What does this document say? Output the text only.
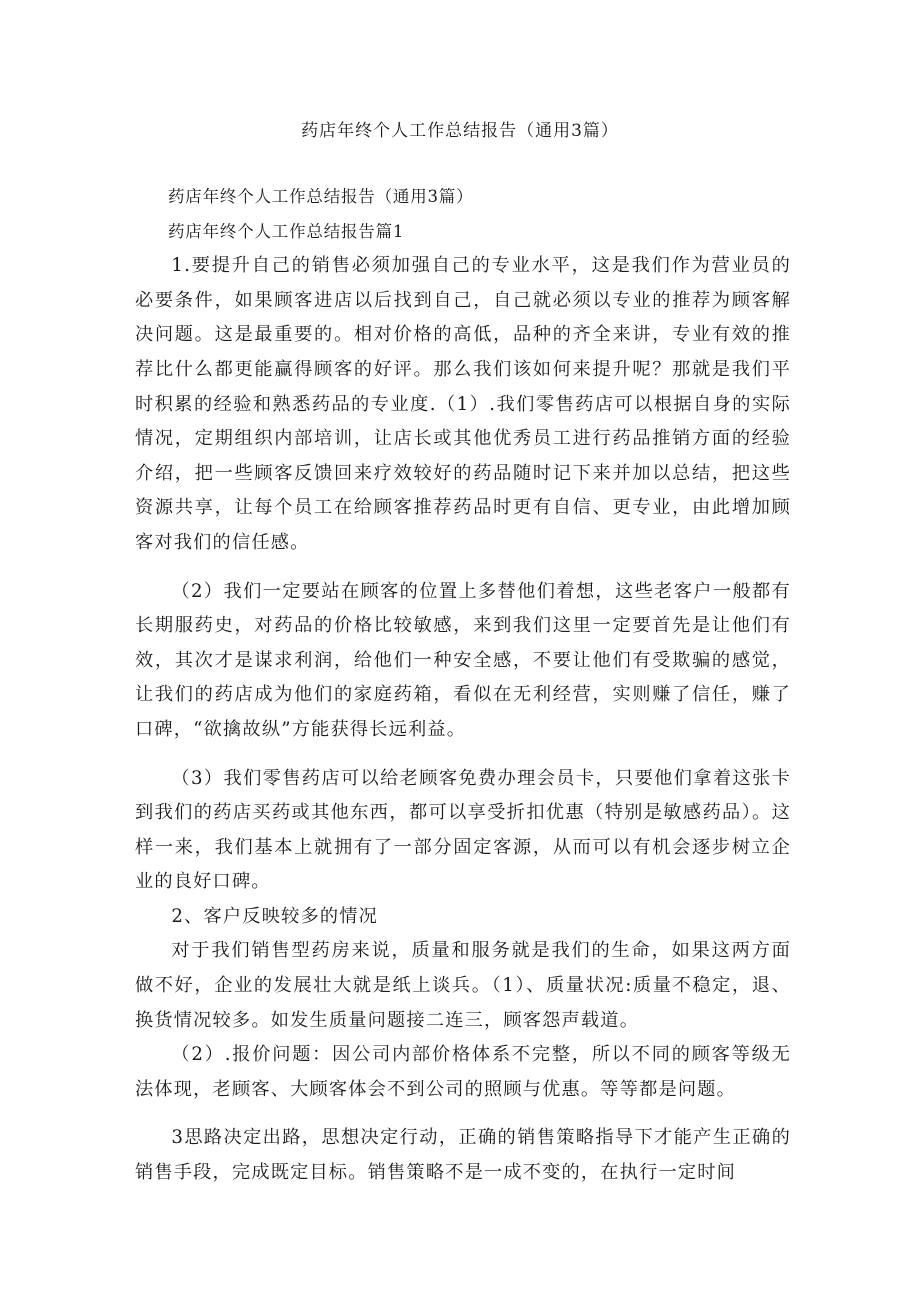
药店年终个人工作总结报告（通用3篇）

药店年终个人工作总结报告（通用3篇）

药店年终个人工作总结报告篇1

1.要提升自己的销售必须加强自己的专业水平，这是我们作为营业员的必要条件，如果顾客进店以后找到自己，自己就必须以专业的推荐为顾客解决问题。这是最重要的。相对价格的高低，品种的齐全来讲，专业有效的推荐比什么都更能赢得顾客的好评。那么我们该如何来提升呢？那就是我们平时积累的经验和熟悉药品的专业度.（1）.我们零售药店可以根据自身的实际情况，定期组织内部培训，让店长或其他优秀员工进行药品推销方面的经验介绍，把一些顾客反馈回来疗效较好的药品随时记下来并加以总结，把这些资源共享，让每个员工在给顾客推荐药品时更有自信、更专业，由此增加顾客对我们的信任感。

（2）我们一定要站在顾客的位置上多替他们着想，这些老客户一般都有长期服药史，对药品的价格比较敏感，来到我们这里一定要首先是让他们有效，其次才是谋求利润，给他们一种安全感，不要让他们有受欺骗的感觉，让我们的药店成为他们的家庭药箱，看似在无利经营，实则赚了信任，赚了口碑，“欲擒故纵”方能获得长远利益。

（3）我们零售药店可以给老顾客免费办理会员卡，只要他们拿着这张卡到我们的药店买药或其他东西，都可以享受折扣优惠（特别是敏感药品）。这样一来，我们基本上就拥有了一部分固定客源，从而可以有机会逐步树立企业的良好口碑。

2、客户反映较多的情况

对于我们销售型药房来说，质量和服务就是我们的生命，如果这两方面做不好，企业的发展壮大就是纸上谈兵。（1）、质量状况:质量不稳定，退、换货情况较多。如发生质量问题接二连三，顾客怨声载道。

（2）.报价问题：因公司内部价格体系不完整，所以不同的顾客等级无法体现，老顾客、大顾客体会不到公司的照顾与优惠。等等都是问题。

3思路决定出路，思想决定行动，正确的销售策略指导下才能产生正确的销售手段，完成既定目标。销售策略不是一成不变的，在执行一定时间
